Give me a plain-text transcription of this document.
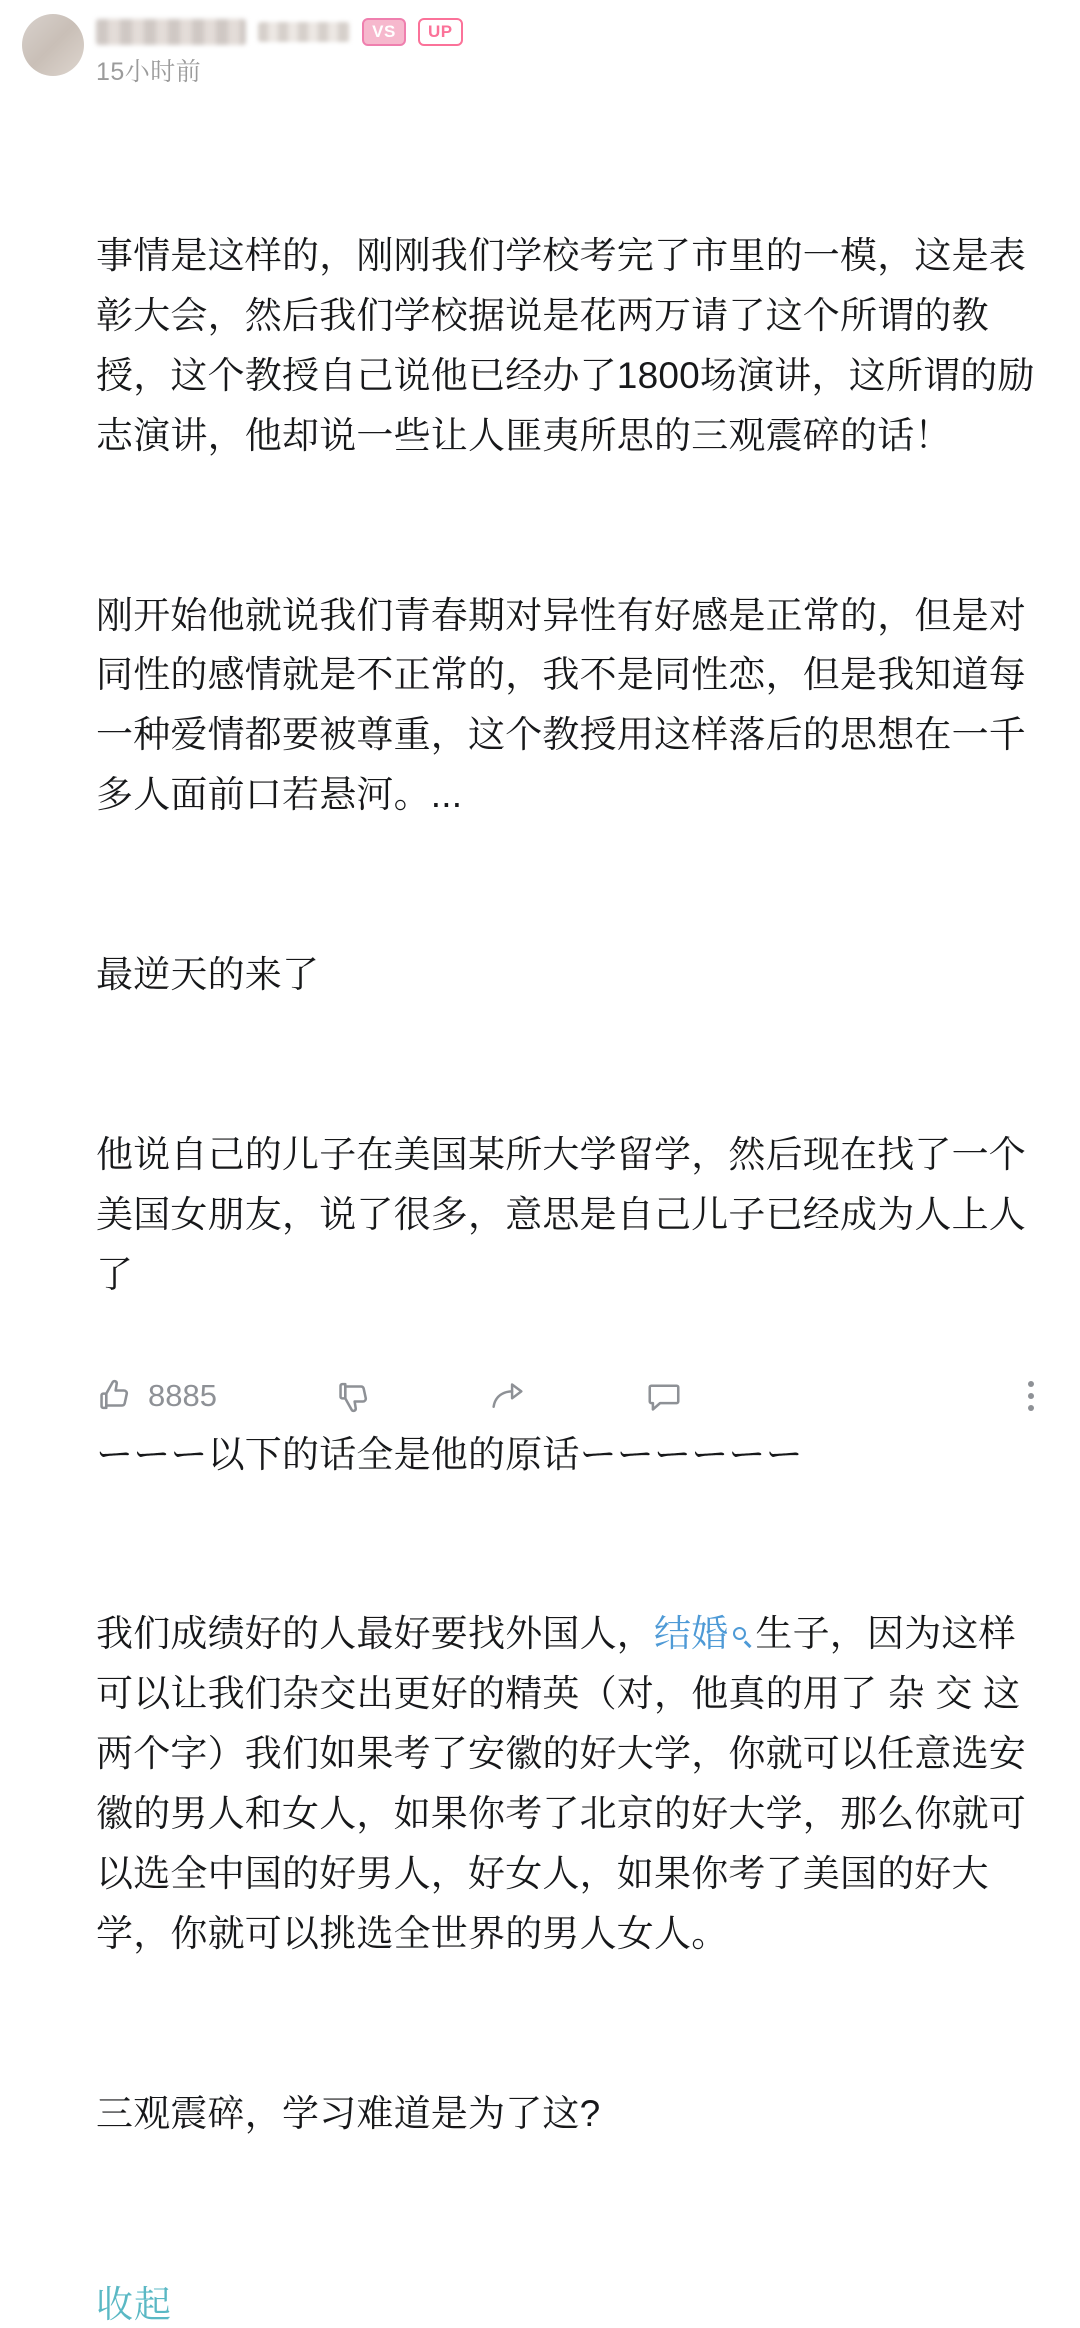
VS	UP
15小时前

事情是这样的，刚刚我们学校考完了市里的一模，这是表彰大会，然后我们学校据说是花两万请了这个所谓的教授，这个教授自己说他已经办了1800场演讲，这所谓的励志演讲，他却说一些让人匪夷所思的三观震碎的话！

刚开始他就说我们青春期对异性有好感是正常的，但是对同性的感情就是不正常的，我不是同性恋，但是我知道每一种爱情都要被尊重，这个教授用这样落后的思想在一千多人面前口若悬河。...

最逆天的来了

他说自己的儿子在美国某所大学留学，然后现在找了一个美国女朋友，说了很多，意思是自己儿子已经成为人上人了

ーーー以下的话全是他的原话ーーーーーー

我们成绩好的人最好要找外国人，结婚 生子，因为这样可以让我们杂交出更好的精英（对，他真的用了 杂 交 这两个字）我们如果考了安徽的好大学，你就可以任意选安徽的男人和女人，如果你考了北京的好大学，那么你就可以选全中国的好男人，好女人，如果你考了美国的好大学，你就可以挑选全世界的男人女人。

三观震碎，学习难道是为了这?

收起
8885
